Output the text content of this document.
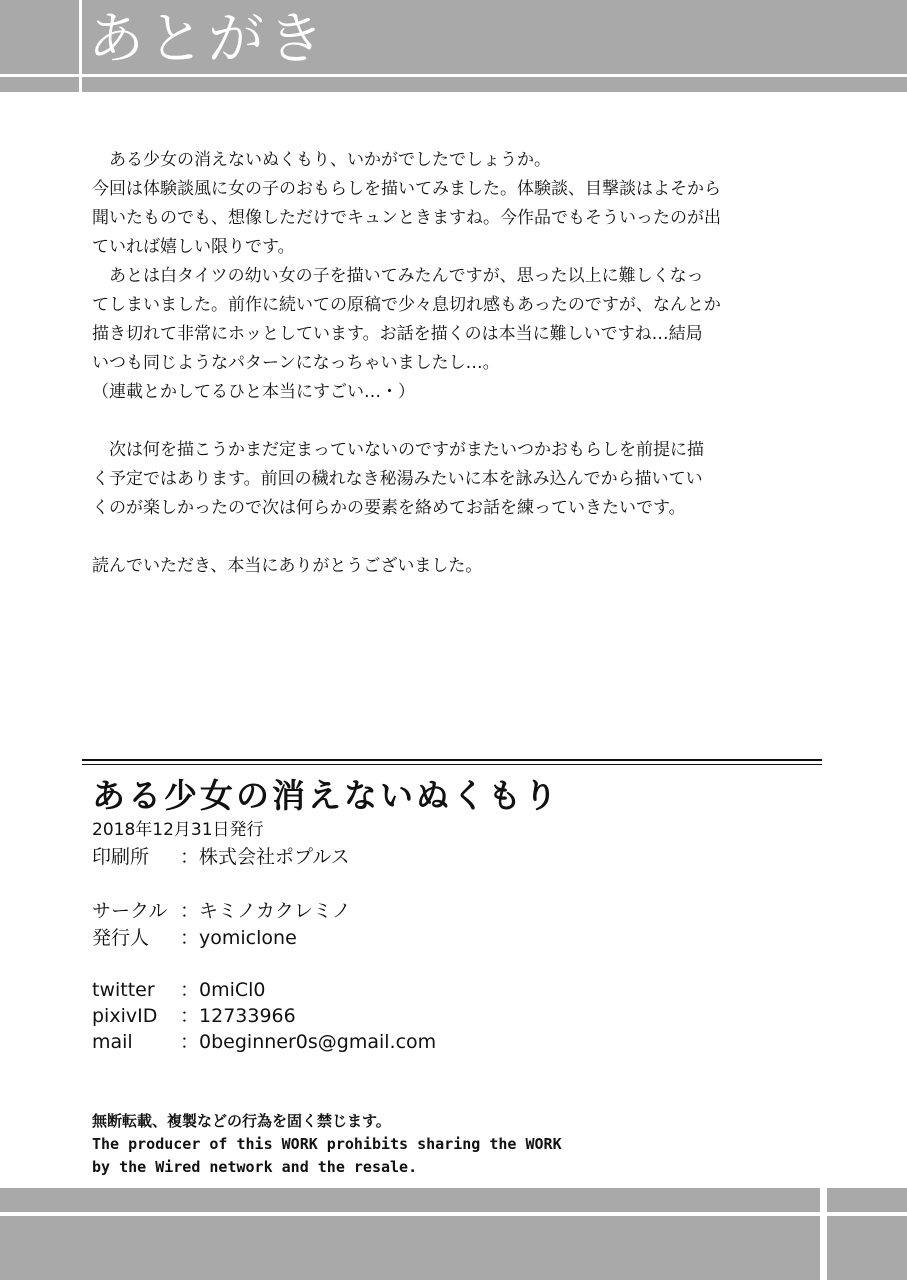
あとがき

　ある少女の消えないぬくもり、いかがでしたでしょうか。

今回は体験談風に女の子のおもらしを描いてみました。体験談、目撃談はよそから

聞いたものでも、想像しただけでキュンときますね。今作品でもそういったのが出

ていれば嬉しい限りです。

　あとは白タイツの幼い女の子を描いてみたんですが、思った以上に難しくなっ

てしまいました。前作に続いての原稿で少々息切れ感もあったのですが、なんとか

描き切れて非常にホッとしています。お話を描くのは本当に難しいですね…結局

いつも同じようなパターンになっちゃいましたし…。

（連載とかしてるひと本当にすごい…・）

　次は何を描こうかまだ定まっていないのですがまたいつかおもらしを前提に描

く予定ではあります。前回の穢れなき秘湯みたいに本を詠み込んでから描いてい

くのが楽しかったので次は何らかの要素を絡めてお話を練っていきたいです。

読んでいただき、本当にありがとうございました。

ある少女の消えないぬくもり
2018年12月31日発行
印刷所 ：株式会社ポプルス
サークル ：キミノカクレミノ
発行人 ：yomiclone
twitter ：0miCl0
pixivID ：12733966
mail ：0beginner0s@gmail.com
無断転載、複製などの行為を固く禁じます。
The producer of this WORK prohibits sharing the WORK
by the Wired network and the resale.
